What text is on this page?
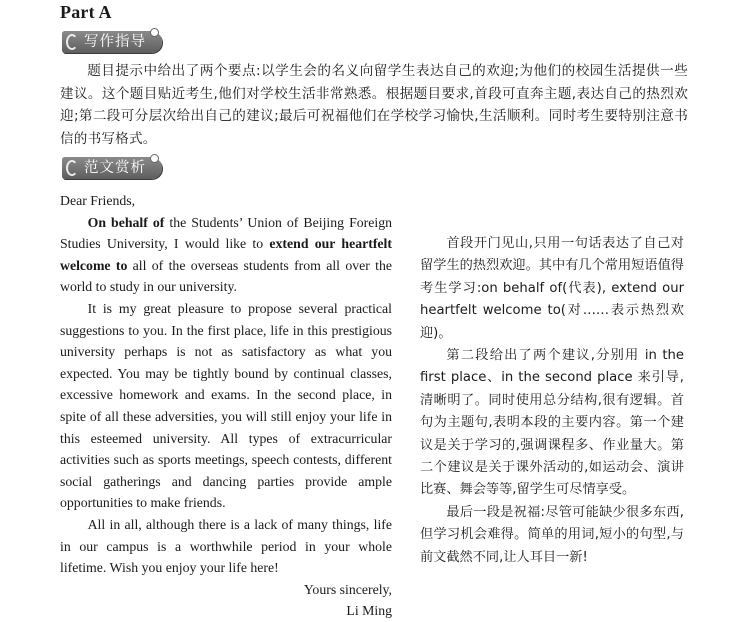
Part A
写作指导
题目提示中给出了两个要点:以学生会的名义向留学生表达自己的欢迎;为他们的校园生活提供一些建议。这个题目贴近考生,他们对学校生活非常熟悉。根据题目要求,首段可直奔主题,表达自己的热烈欢迎;第二段可分层次给出自己的建议;最后可祝福他们在学校学习愉快,生活顺利。同时考生要特别注意书信的书写格式。
范文赏析

Dear Friends,

On behalf of the Students’ Union of Beijing Foreign Studies University, I would like to extend our heartfelt welcome to all of the overseas students from all over the world to study in our university.

It is my great pleasure to propose several practical suggestions to you. In the first place, life in this prestigious university perhaps is not as satisfactory as what you expected. You may be tightly bound by continual classes, excessive homework and exams. In the second place, in spite of all these adversities, you will still enjoy your life in this esteemed university. All types of extracurricular activities such as sports meetings, speech contests, different social gatherings and dancing parties provide ample opportunities to make friends.

All in all, although there is a lack of many things, life in our campus is a worthwhile period in your whole lifetime. Wish you enjoy your life here!

Yours sincerely,

Li Ming

首段开门见山,只用一句话表达了自己对留学生的热烈欢迎。其中有几个常用短语值得考生学习:on behalf of(代表), extend our heartfelt welcome to(对……表示热烈欢迎)。

第二段给出了两个建议,分别用 in the first place、in the second place 来引导,清晰明了。同时使用总分结构,很有逻辑。首句为主题句,表明本段的主要内容。第一个建议是关于学习的,强调课程多、作业量大。第二个建议是关于课外活动的,如运动会、演讲比赛、舞会等等,留学生可尽情享受。

最后一段是祝福:尽管可能缺少很多东西,但学习机会难得。简单的用词,短小的句型,与前文截然不同,让人耳目一新!
